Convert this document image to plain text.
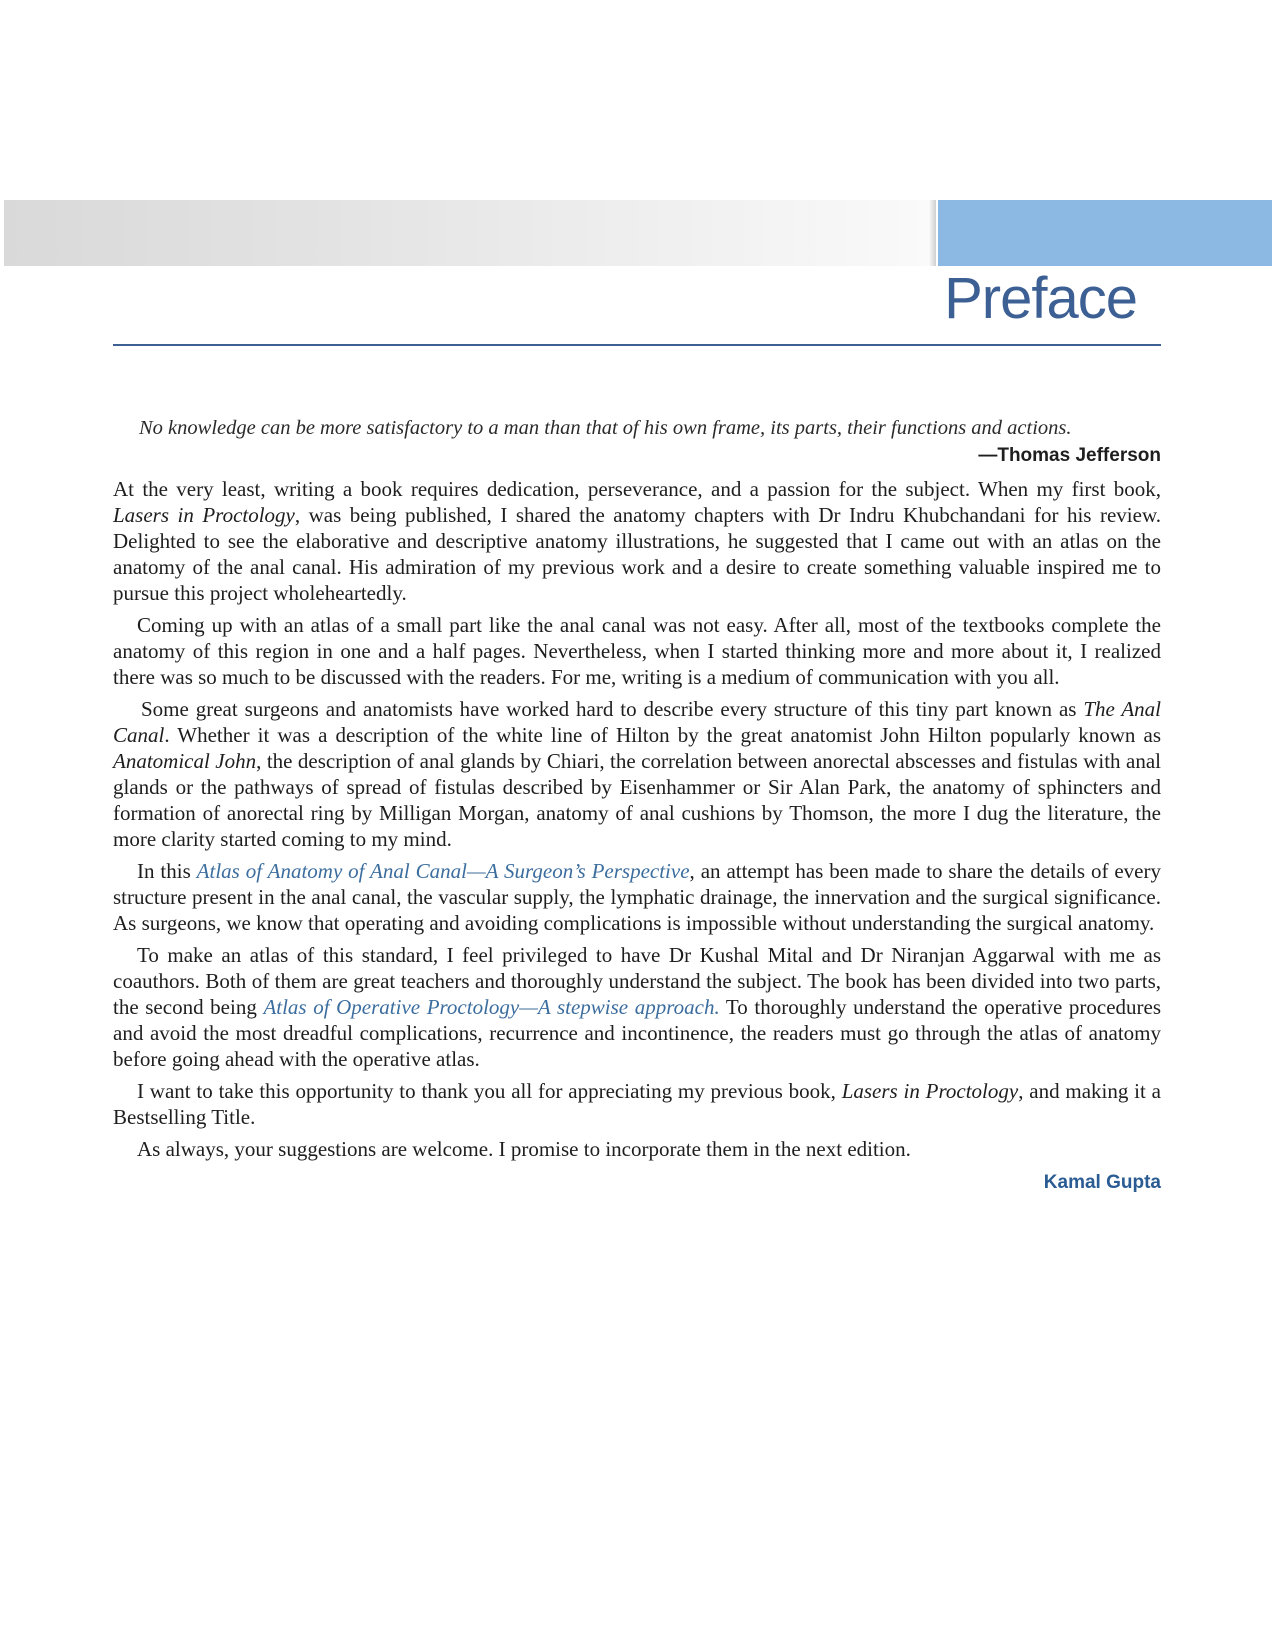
Preface

No knowledge can be more satisfactory to a man than that of his own frame, its parts, their functions and actions.

—Thomas Jefferson

At the very least, writing a book requires dedication, perseverance, and a passion for the subject. When my first book, Lasers in Proctology, was being published, I shared the anatomy chapters with Dr Indru Khubchandani for his review. Delighted to see the elaborative and descriptive anatomy illustrations, he suggested that I came out with an atlas on the anatomy of the anal canal. His admiration of my previous work and a desire to create something valuable inspired me to pursue this project wholeheartedly.

Coming up with an atlas of a small part like the anal canal was not easy. After all, most of the textbooks complete the anatomy of this region in one and a half pages. Nevertheless, when I started thinking more and more about it, I realized there was so much to be discussed with the readers. For me, writing is a medium of communication with you all.

Some great surgeons and anatomists have worked hard to describe every structure of this tiny part known as The Anal Canal. Whether it was a description of the white line of Hilton by the great anatomist John Hilton popularly known as Anatomical John, the description of anal glands by Chiari, the correlation between anorectal abscesses and fistulas with anal glands or the pathways of spread of fistulas described by Eisenhammer or Sir Alan Park, the anatomy of sphincters and formation of anorectal ring by Milligan Morgan, anatomy of anal cushions by Thomson, the more I dug the literature, the more clarity started coming to my mind.

In this Atlas of Anatomy of Anal Canal—A Surgeon’s Perspective, an attempt has been made to share the details of every structure present in the anal canal, the vascular supply, the lymphatic drainage, the innervation and the surgical significance. As surgeons, we know that operating and avoiding complications is impossible without understanding the surgical anatomy.

To make an atlas of this standard, I feel privileged to have Dr Kushal Mital and Dr Niranjan Aggarwal with me as coauthors. Both of them are great teachers and thoroughly understand the subject. The book has been divided into two parts, the second being Atlas of Operative Proctology—A stepwise approach. To thoroughly understand the operative procedures and avoid the most dreadful complications, recurrence and incontinence, the readers must go through the atlas of anatomy before going ahead with the operative atlas.

I want to take this opportunity to thank you all for appreciating my previous book, Lasers in Proctology, and making it a Bestselling Title.

As always, your suggestions are welcome. I promise to incorporate them in the next edition.

Kamal Gupta
